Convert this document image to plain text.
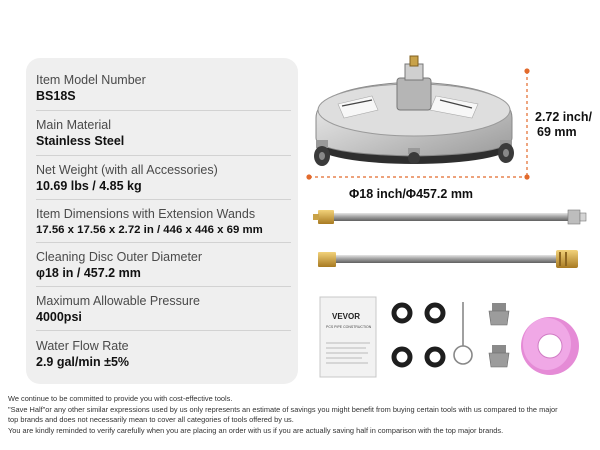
Item Model Number
BS18S
Main Material
Stainless Steel
Net Weight (with all Accessories)
10.69 lbs / 4.85 kg
Item Dimensions with Extension Wands
17.56 x 17.56 x 2.72 in / 446 x 446 x 69 mm
Cleaning Disc Outer Diameter
φ18 in / 457.2 mm
Maximum Allowable Pressure
4000psi
Water Flow Rate
2.9 gal/min ±5%
2.72 inch/
69 mm
Φ18 inch/Φ457.2 mm
VEVOR
PCS PIPE CONSTRUCTION
We continue to be committed to provide you with cost-effective tools.
"Save Half"or any other similar expressions used by us only represents an estimate of savings you might benefit from buying certain tools with us compared to the major
top brands and does not necessarily mean to cover all categories of tools offered by us.
You are kindly reminded to verify carefully when you are placing an order with us if you are actually saving half in comparison with the top major brands.
